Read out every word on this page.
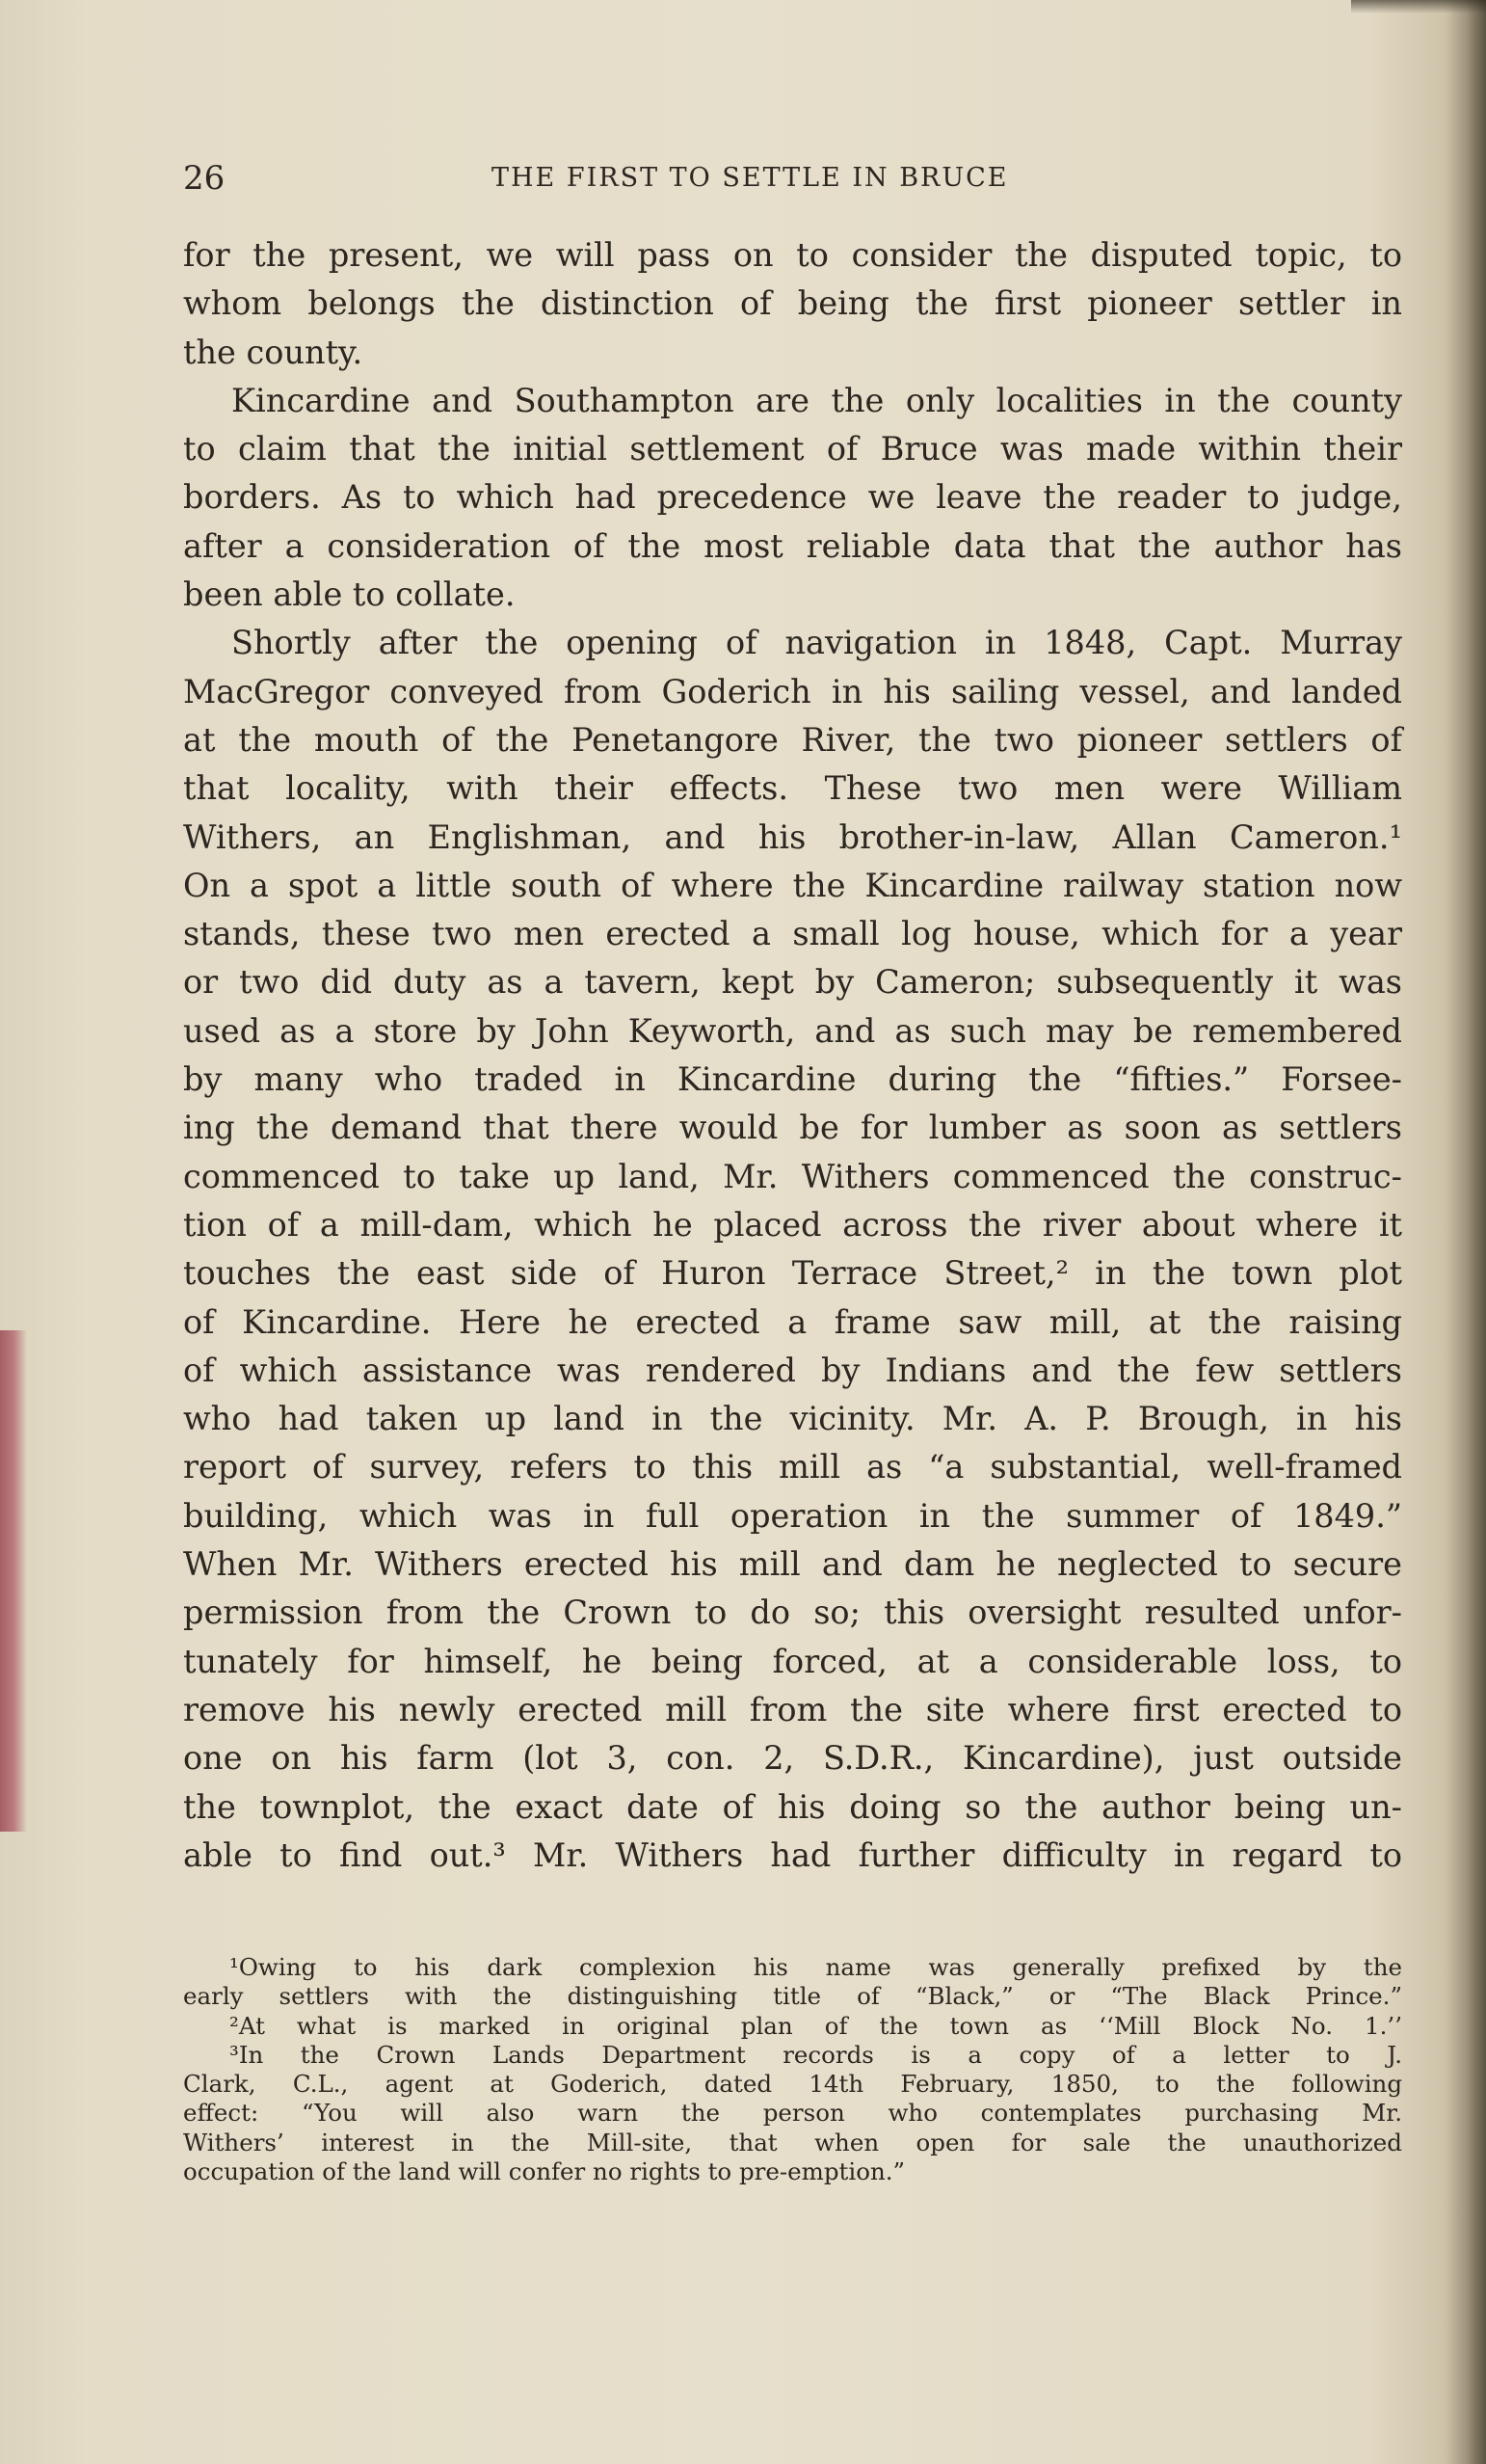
26	THE FIRST TO SETTLE IN BRUCE
for the present, we will pass on to consider the disputed topic, to
whom belongs the distinction of being the first pioneer settler in
the county.
Kincardine and Southampton are the only localities in the county
to claim that the initial settlement of Bruce was made within their
borders. As to which had precedence we leave the reader to judge,
after a consideration of the most reliable data that the author has
been able to collate.
Shortly after the opening of navigation in 1848, Capt. Murray
MacGregor conveyed from Goderich in his sailing vessel, and landed
at the mouth of the Penetangore River, the two pioneer settlers of
that locality, with their effects. These two men were William
Withers, an Englishman, and his brother-in-law, Allan Cameron.¹
On a spot a little south of where the Kincardine railway station now
stands, these two men erected a small log house, which for a year
or two did duty as a tavern, kept by Cameron; subsequently it was
used as a store by John Keyworth, and as such may be remembered
by many who traded in Kincardine during the “fifties.” Forsee-
ing the demand that there would be for lumber as soon as settlers
commenced to take up land, Mr. Withers commenced the construc-
tion of a mill-dam, which he placed across the river about where it
touches the east side of Huron Terrace Street,² in the town plot
of Kincardine. Here he erected a frame saw mill, at the raising
of which assistance was rendered by Indians and the few settlers
who had taken up land in the vicinity. Mr. A. P. Brough, in his
report of survey, refers to this mill as “a substantial, well-framed
building, which was in full operation in the summer of 1849.”
When Mr. Withers erected his mill and dam he neglected to secure
permission from the Crown to do so; this oversight resulted unfor-
tunately for himself, he being forced, at a considerable loss, to
remove his newly erected mill from the site where first erected to
one on his farm (lot 3, con. 2, S.D.R., Kincardine), just outside
the townplot, the exact date of his doing so the author being un-
able to find out.³ Mr. Withers had further difficulty in regard to
¹Owing to his dark complexion his name was generally prefixed by the
early settlers with the distinguishing title of “Black,” or “The Black Prince.”
²At what is marked in original plan of the town as ‘‘Mill Block No. 1.’’
³In the Crown Lands Department records is a copy of a letter to J.
Clark, C.L., agent at Goderich, dated 14th February, 1850, to the following
effect: “You will also warn the person who contemplates purchasing Mr.
Withers’ interest in the Mill-site, that when open for sale the unauthorized
occupation of the land will confer no rights to pre-emption.”
